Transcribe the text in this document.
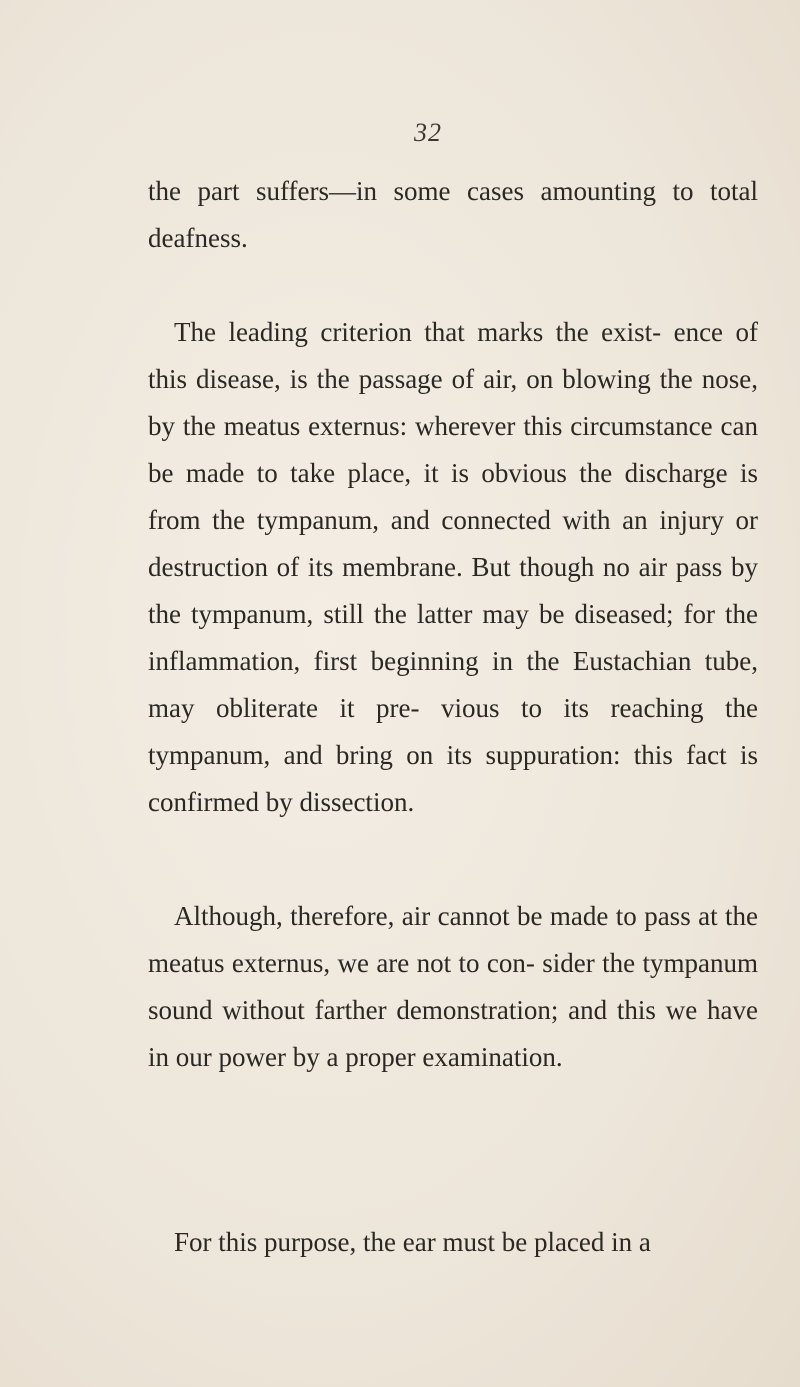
32

the part suffers—in some cases amounting to total deafness.

The leading criterion that marks the exist- ence of this disease, is the passage of air, on blowing the nose, by the meatus externus: wherever this circumstance can be made to take place, it is obvious the discharge is from the tympanum, and connected with an injury or destruction of its membrane. But though no air pass by the tympanum, still the latter may be diseased; for the inflammation, first beginning in the Eustachian tube, may obliterate it pre- vious to its reaching the tympanum, and bring on its suppuration: this fact is confirmed by dissection.

Although, therefore, air cannot be made to pass at the meatus externus, we are not to con- sider the tympanum sound without farther demonstration; and this we have in our power by a proper examination.

For this purpose, the ear must be placed in a
